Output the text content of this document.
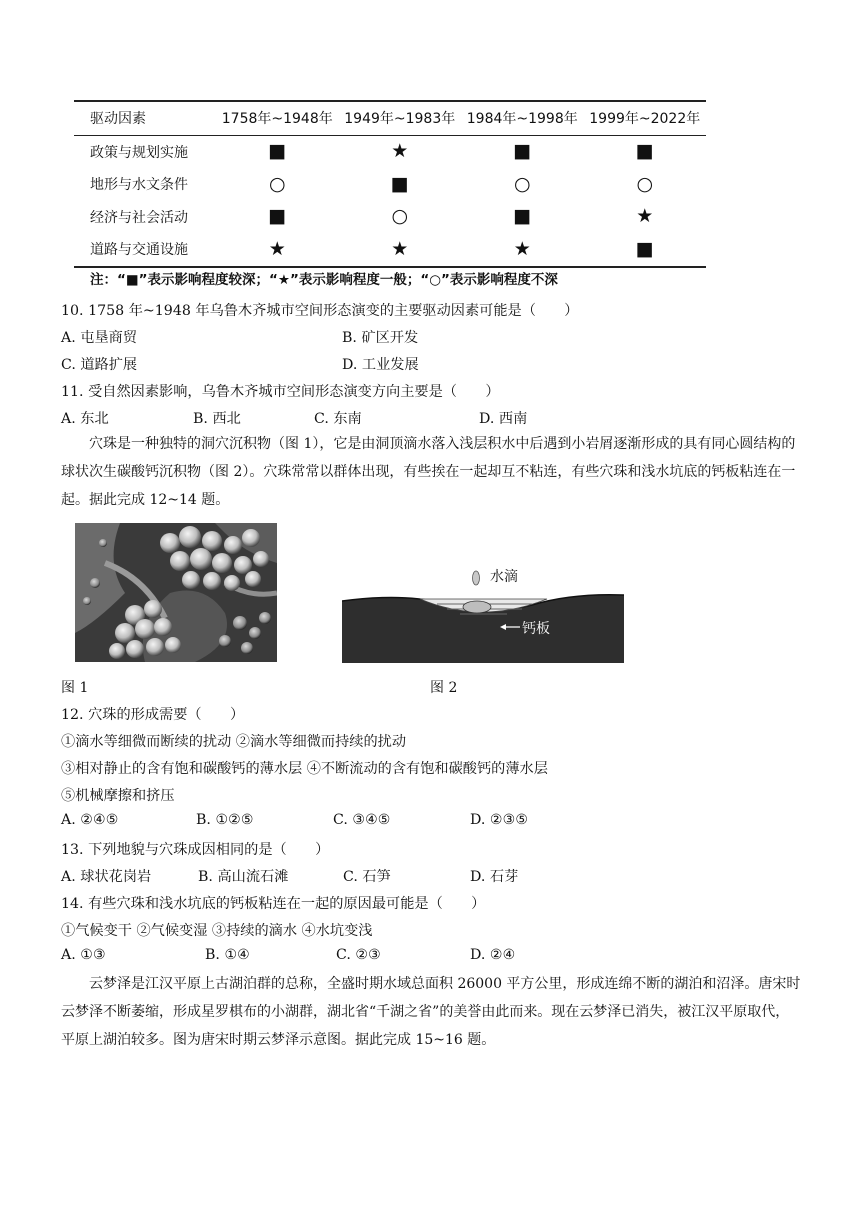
驱动因素	1758年~1948年	1949年~1983年	1984年~1998年	1999年~2022年
政策与规划实施	■	★	■	■
地形与水文条件	○	■	○	○
经济与社会活动	■	○	■	★
道路与交通设施	★	★	★	■
注：“■”表示影响程度较深；“★”表示影响程度一般；“○”表示影响程度不深
10. 1758 年~1948 年乌鲁木齐城市空间形态演变的主要驱动因素可能是（　　）
A. 屯垦商贸	B. 矿区开发
C. 道路扩展	D. 工业发展
11. 受自然因素影响，乌鲁木齐城市空间形态演变方向主要是（　　）
A. 东北	B. 西北	C. 东南	D. 西南
穴珠是一种独特的洞穴沉积物（图 1），它是由洞顶滴水落入浅层积水中后遇到小岩屑逐渐形成的具有同心圆结构的球状次生碳酸钙沉积物（图 2）。穴珠常常以群体出现，有些挨在一起却互不粘连，有些穴珠和浅水坑底的钙板粘连在一起。据此完成 12~14 题。
水滴
钙板
图 1	图 2
12. 穴珠的形成需要（　　）
①滴水等细微而断续的扰动 ②滴水等细微而持续的扰动
③相对静止的含有饱和碳酸钙的薄水层 ④不断流动的含有饱和碳酸钙的薄水层
⑤机械摩擦和挤压
A. ②④⑤	B. ①②⑤	C. ③④⑤	D. ②③⑤
13. 下列地貌与穴珠成因相同的是（　　）
A. 球状花岗岩	B. 高山流石滩	C. 石笋	D. 石芽
14. 有些穴珠和浅水坑底的钙板粘连在一起的原因最可能是（　　）
①气候变干 ②气候变湿 ③持续的滴水 ④水坑变浅
A. ①③	B. ①④	C. ②③	D. ②④
云梦泽是江汉平原上古湖泊群的总称，全盛时期水域总面积 26000 平方公里，形成连绵不断的湖泊和沼泽。唐宋时云梦泽不断萎缩，形成星罗棋布的小湖群，湖北省“千湖之省”的美誉由此而来。现在云梦泽已消失，被江汉平原取代，平原上湖泊较多。图为唐宋时期云梦泽示意图。据此完成 15~16 题。
